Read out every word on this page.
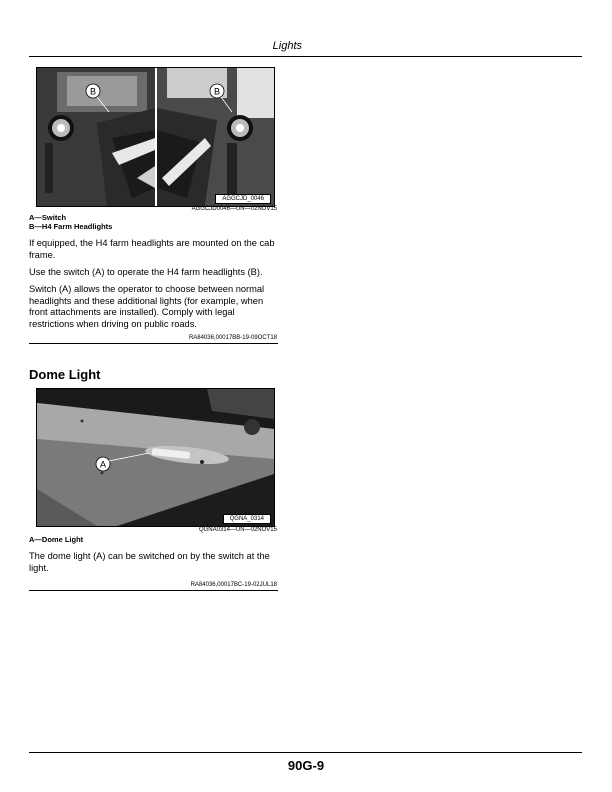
Lights
B	B
AGGCJD_0046
AGGCJD0046—UN—02NOV15
A—Switch
B—H4 Farm Headlights

If equipped, the H4 farm headlights are mounted on the cab frame.

Use the switch (A) to operate the H4 farm headlights (B).

Switch (A) allows the operator to choose between normal headlights and these additional lights (for example, when front attachments are installed). Comply with legal restrictions when driving on public roads.

RA84036,00017BB-19-09OCT18
Dome Light
A
QGNA_0314
QGNA0314—UN—02NOV15
A—Dome Light

The dome light (A) can be switched on by the switch at the light.

RA84036,00017BC-19-02JUL18
90G-9
